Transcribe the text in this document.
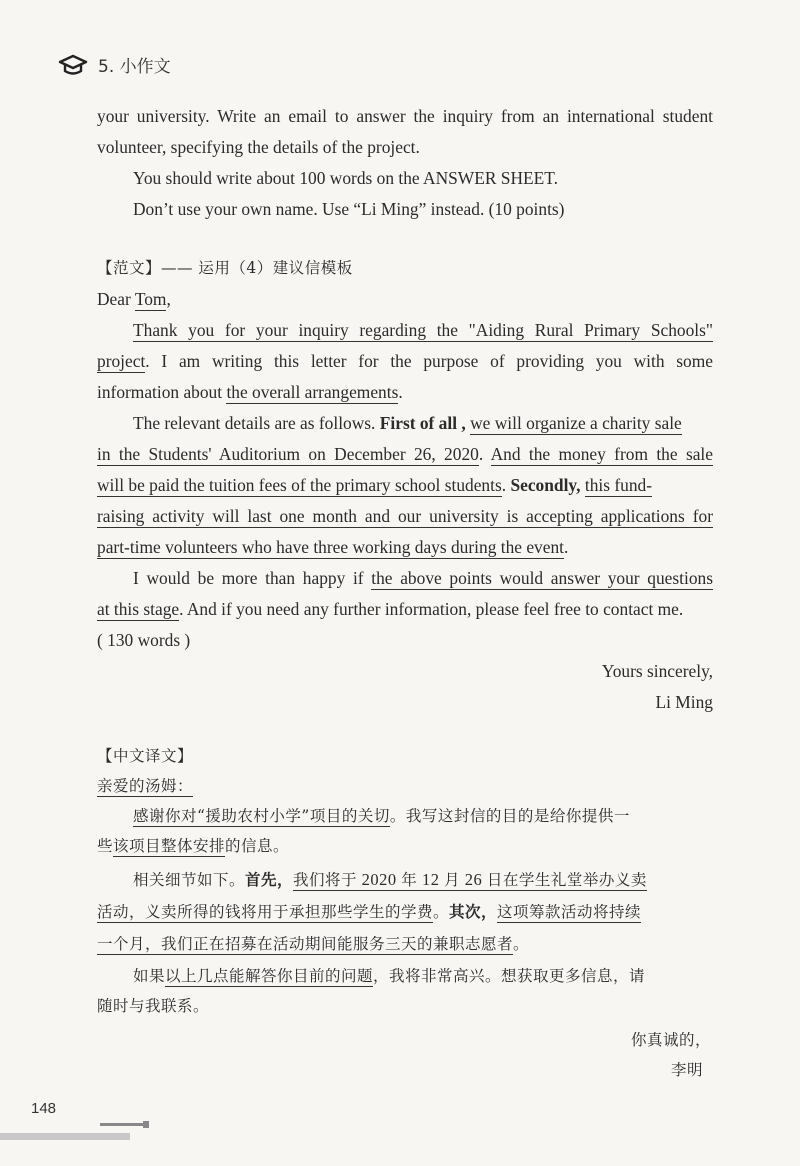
5. 小作文
your university. Write an email to answer the inquiry from an international student
volunteer, specifying the details of the project.
You should write about 100 words on the ANSWER SHEET.
Don’t use your own name. Use “Li Ming” instead. (10 points)
【范文】—— 运用（4）建议信模板
Dear Tom,
Thank you for your inquiry regarding the "Aiding Rural Primary Schools"
project. I am writing this letter for the purpose of providing you with some
information about the overall arrangements.
The relevant details are as follows. First of all , we will organize a charity sale
in the Students' Auditorium on December 26, 2020. And the money from the sale
will be paid the tuition fees of the primary school students. Secondly, this fund-
raising activity will last one month and our university is accepting applications for
part-time volunteers who have three working days during the event.
I would be more than happy if the above points would answer your questions
at this stage. And if you need any further information, please feel free to contact me.
( 130 words )
Yours sincerely,
Li Ming
【中文译文】
亲爱的汤姆：
感谢你对“援助农村小学”项目的关切。我写这封信的目的是给你提供一
些该项目整体安排的信息。
相关细节如下。首先，我们将于 2020 年 12 月 26 日在学生礼堂举办义卖
活动，义卖所得的钱将用于承担那些学生的学费。其次，这项筹款活动将持续
一个月，我们正在招募在活动期间能服务三天的兼职志愿者。
如果以上几点能解答你目前的问题，我将非常高兴。想获取更多信息，请
随时与我联系。
你真诚的，
李明
148
